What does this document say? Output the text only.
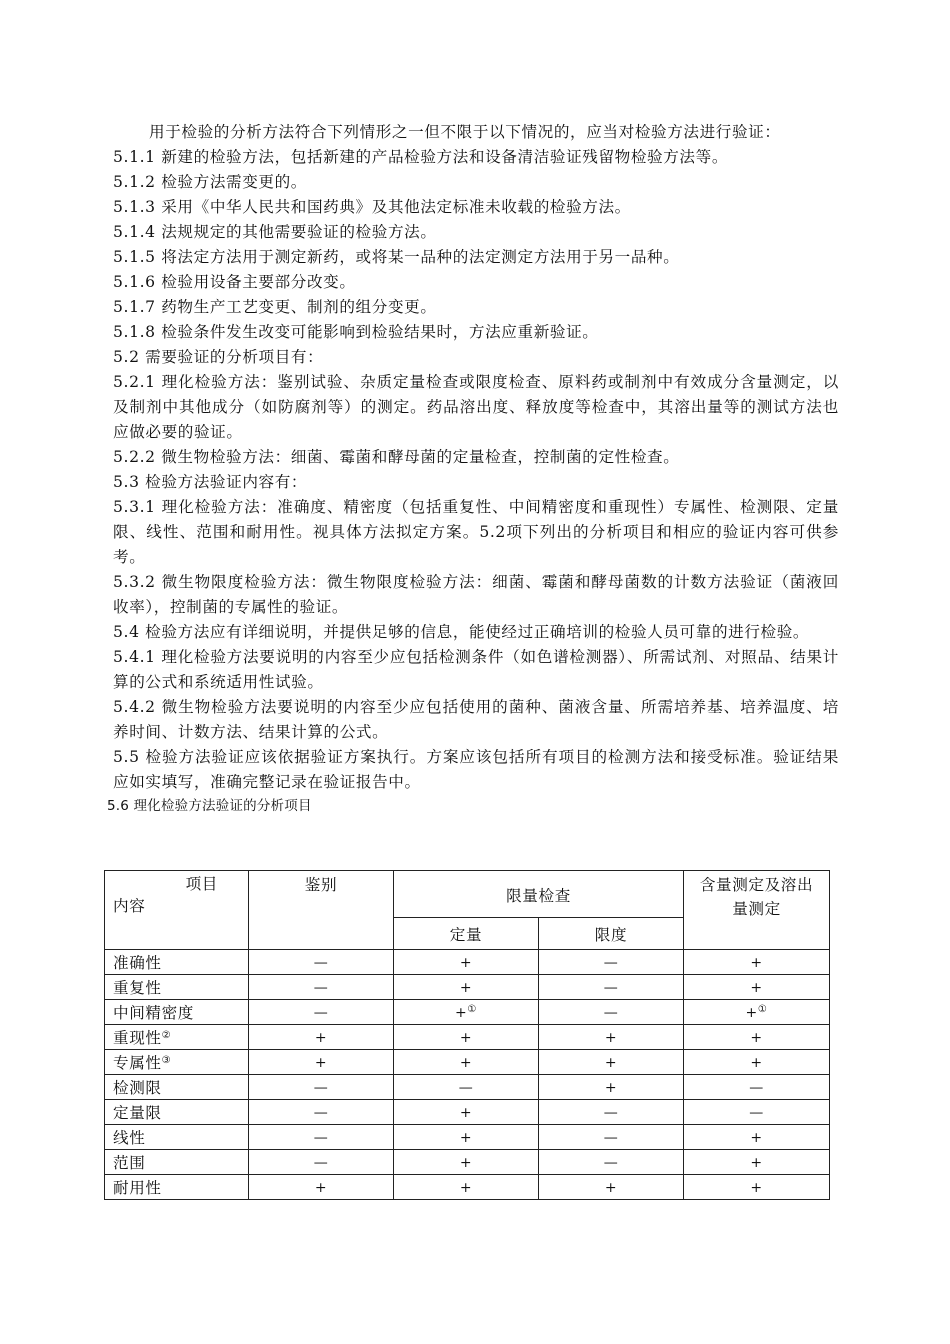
用于检验的分析方法符合下列情形之一但不限于以下情况的，应当对检验方法进行验证：

5.1.1 新建的检验方法，包括新建的产品检验方法和设备清洁验证残留物检验方法等。

5.1.2 检验方法需变更的。

5.1.3 采用《中华人民共和国药典》及其他法定标准未收载的检验方法。

5.1.4 法规规定的其他需要验证的检验方法。

5.1.5 将法定方法用于测定新药，或将某一品种的法定测定方法用于另一品种。

5.1.6 检验用设备主要部分改变。

5.1.7 药物生产工艺变更、制剂的组分变更。

5.1.8 检验条件发生改变可能影响到检验结果时，方法应重新验证。

5.2 需要验证的分析项目有：

5.2.1 理化检验方法：鉴别试验、杂质定量检查或限度检查、原料药或制剂中有效成分含量测定，以及制剂中其他成分（如防腐剂等）的测定。药品溶出度、释放度等检查中，其溶出量等的测试方法也应做必要的验证。

5.2.2 微生物检验方法：细菌、霉菌和酵母菌的定量检查，控制菌的定性检查。

5.3 检验方法验证内容有：

5.3.1 理化检验方法：准确度、精密度（包括重复性、中间精密度和重现性）专属性、检测限、定量限、线性、范围和耐用性。视具体方法拟定方案。5.2项下列出的分析项目和相应的验证内容可供参考。

5.3.2 微生物限度检验方法：微生物限度检验方法：细菌、霉菌和酵母菌数的计数方法验证（菌液回收率），控制菌的专属性的验证。

5.4 检验方法应有详细说明，并提供足够的信息，能使经过正确培训的检验人员可靠的进行检验。

5.4.1 理化检验方法要说明的内容至少应包括检测条件（如色谱检测器）、所需试剂、对照品、结果计算的公式和系统适用性试验。

5.4.2 微生物检验方法要说明的内容至少应包括使用的菌种、菌液含量、所需培养基、培养温度、培养时间、计数方法、结果计算的公式。

5.5 检验方法验证应该依据验证方案执行。方案应该包括所有项目的检测方法和接受标准。验证结果应如实填写，准确完整记录在验证报告中。

5.6 理化检验方法验证的分析项目

项目
内容	鉴别	限量检查		含量测定及溶出量测定
		定量	限度	
准确性	—	+	—	+
重复性	—	+	—	+
中间精密度	—	+①	—	+①
重现性②	+	+	+	+
专属性③	+	+	+	+
检测限	—	—	+	—
定量限	—	+	—	—
线性	—	+	—	+
范围	—	+	—	+
耐用性	+	+	+	+
